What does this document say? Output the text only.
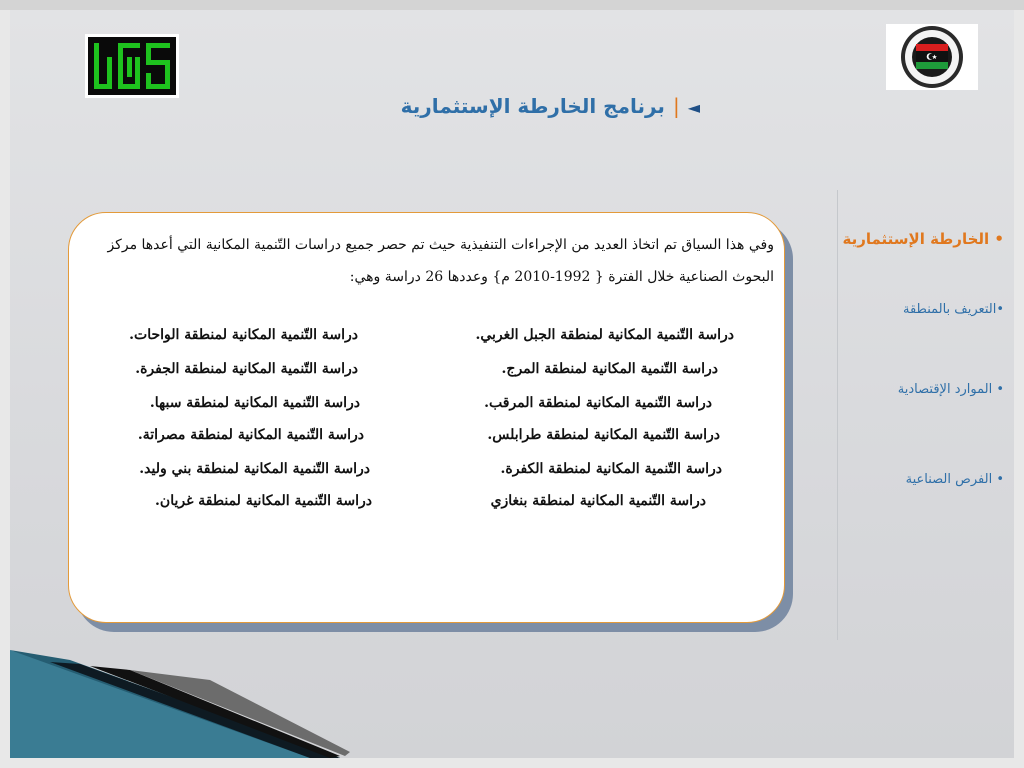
◄|برنامج الخارطة الإستثمارية
• الخارطة الإستثمارية
•التعريف بالمنطقة
• الموارد الإقتصادية
• الفرص الصناعية
وفي هذا السياق تم اتخاذ العديد من الإجراءات التنفيذية حيث تم حصر جميع دراسات التّنمية المكانية التي أعدها مركز البحوث الصناعية خلال الفترة { 1992-2010 م} وعددها 26 دراسة وهي:
دراسة التّنمية المكانية لمنطقة الجبل الغربي.
دراسة التّنمية المكانية لمنطقة المرج.
دراسة التّنمية المكانية لمنطقة المرقب.
دراسة التّنمية المكانية لمنطقة طرابلس.
دراسة التّنمية المكانية لمنطقة الكفرة.
دراسة التّنمية المكانية لمنطقة بنغازي
دراسة التّنمية المكانية لمنطقة الواحات.
دراسة التّنمية المكانية لمنطقة الجفرة.
دراسة التّنمية المكانية لمنطقة سبها.
دراسة التّنمية المكانية لمنطقة مصراتة.
دراسة التّنمية المكانية لمنطقة بني وليد.
دراسة التّنمية المكانية لمنطقة غريان.
